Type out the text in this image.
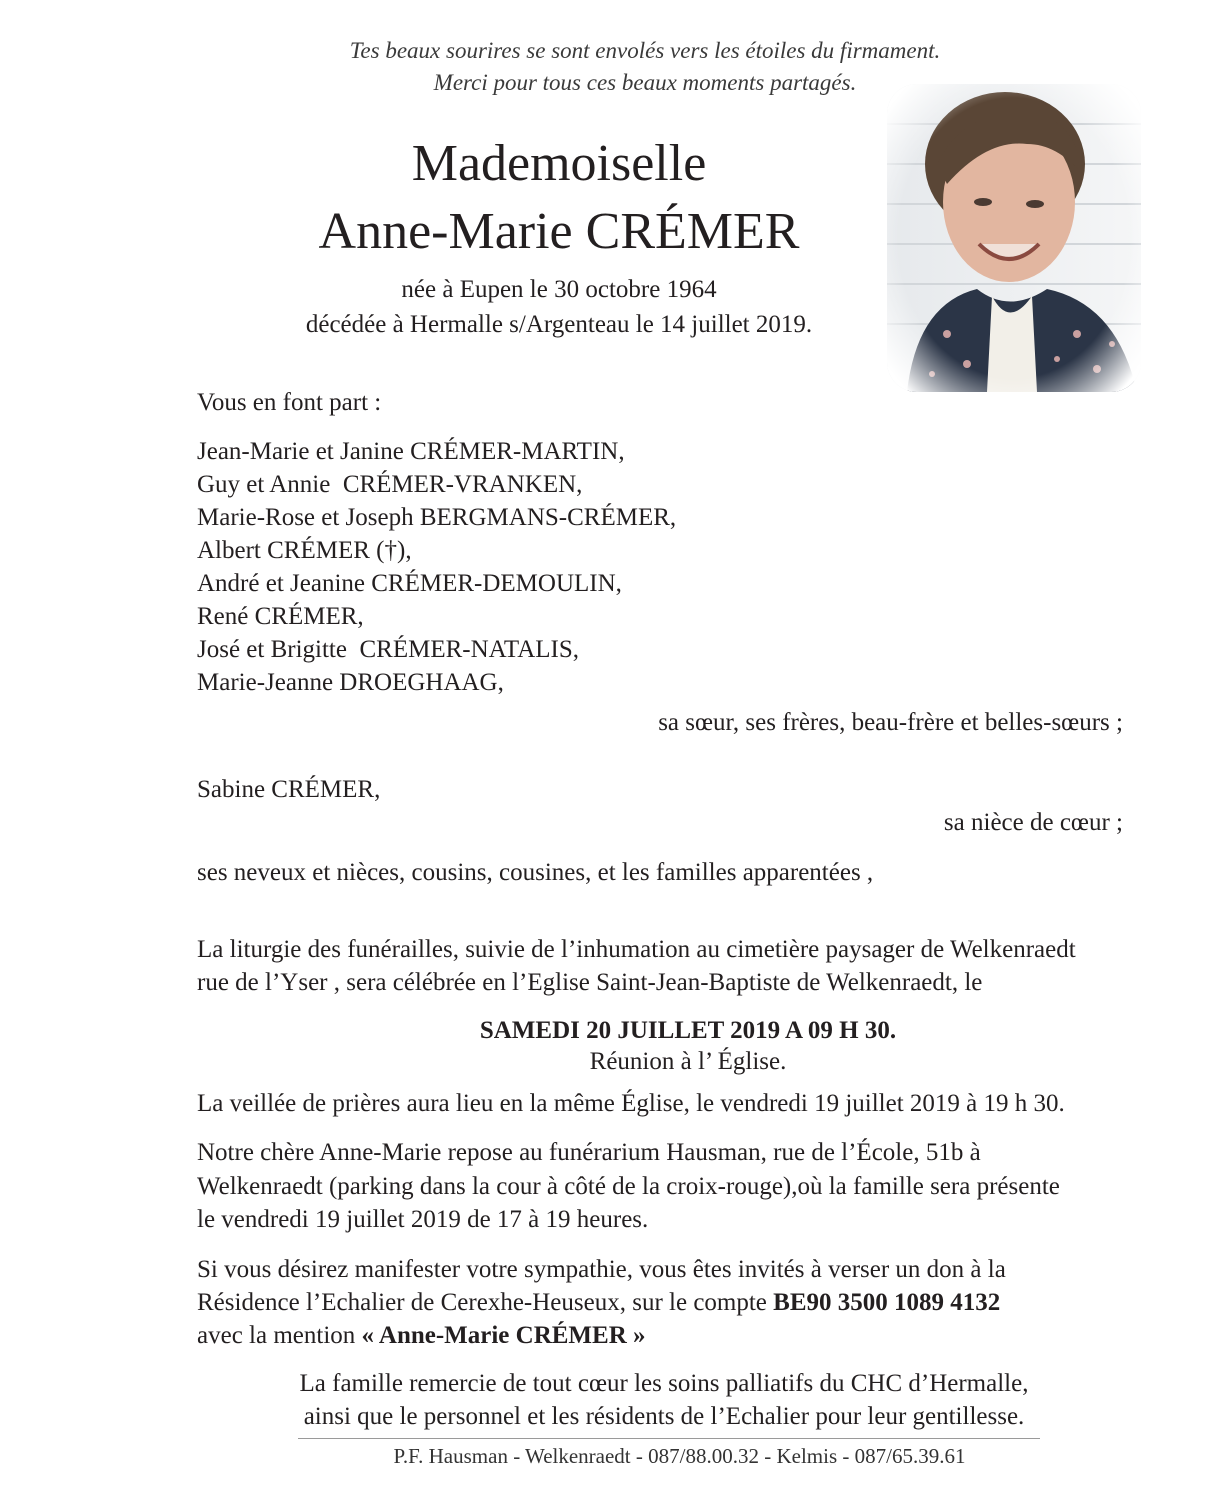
Tes beaux sourires se sont envolés vers les étoiles du firmament.
Merci pour tous ces beaux moments partagés.
Mademoiselle
Anne-Marie CRÉMER
née à Eupen le 30 octobre 1964
décédée à Hermalle s/Argenteau le 14 juillet 2019.
Vous en font part :
Jean-Marie et Janine CRÉMER-MARTIN,
Guy et Annie  CRÉMER-VRANKEN,
Marie-Rose et Joseph BERGMANS-CRÉMER,
Albert CRÉMER (†),
André et Jeanine CRÉMER-DEMOULIN,
René CRÉMER,
José et Brigitte  CRÉMER-NATALIS,
Marie-Jeanne DROEGHAAG,
sa sœur, ses frères, beau-frère et belles-sœurs ;
Sabine CRÉMER,
sa nièce de cœur ;
ses neveux et nièces, cousins, cousines, et les familles apparentées ,
La liturgie des funérailles, suivie de l’inhumation au cimetière paysager de Welkenraedt
rue de l’Yser , sera célébrée en l’Eglise Saint-Jean-Baptiste de Welkenraedt, le
SAMEDI 20 JUILLET 2019 A 09 H 30.
Réunion à l’ Église.
La veillée de prières aura lieu en la même Église, le vendredi 19 juillet 2019 à 19 h 30.
Notre chère Anne-Marie repose au funérarium Hausman, rue de l’École, 51b à
Welkenraedt (parking dans la cour à côté de la croix-rouge),où la famille sera présente
le vendredi 19 juillet 2019 de 17 à 19 heures.
Si vous désirez manifester votre sympathie, vous êtes invités à verser un don à la
Résidence l’Echalier de Cerexhe-Heuseux, sur le compte BE90 3500 1089 4132
avec la mention « Anne-Marie CRÉMER »
La famille remercie de tout cœur les soins palliatifs du CHC d’Hermalle,
ainsi que le personnel et les résidents de l’Echalier pour leur gentillesse.
P.F. Hausman - Welkenraedt - 087/88.00.32 - Kelmis - 087/65.39.61
